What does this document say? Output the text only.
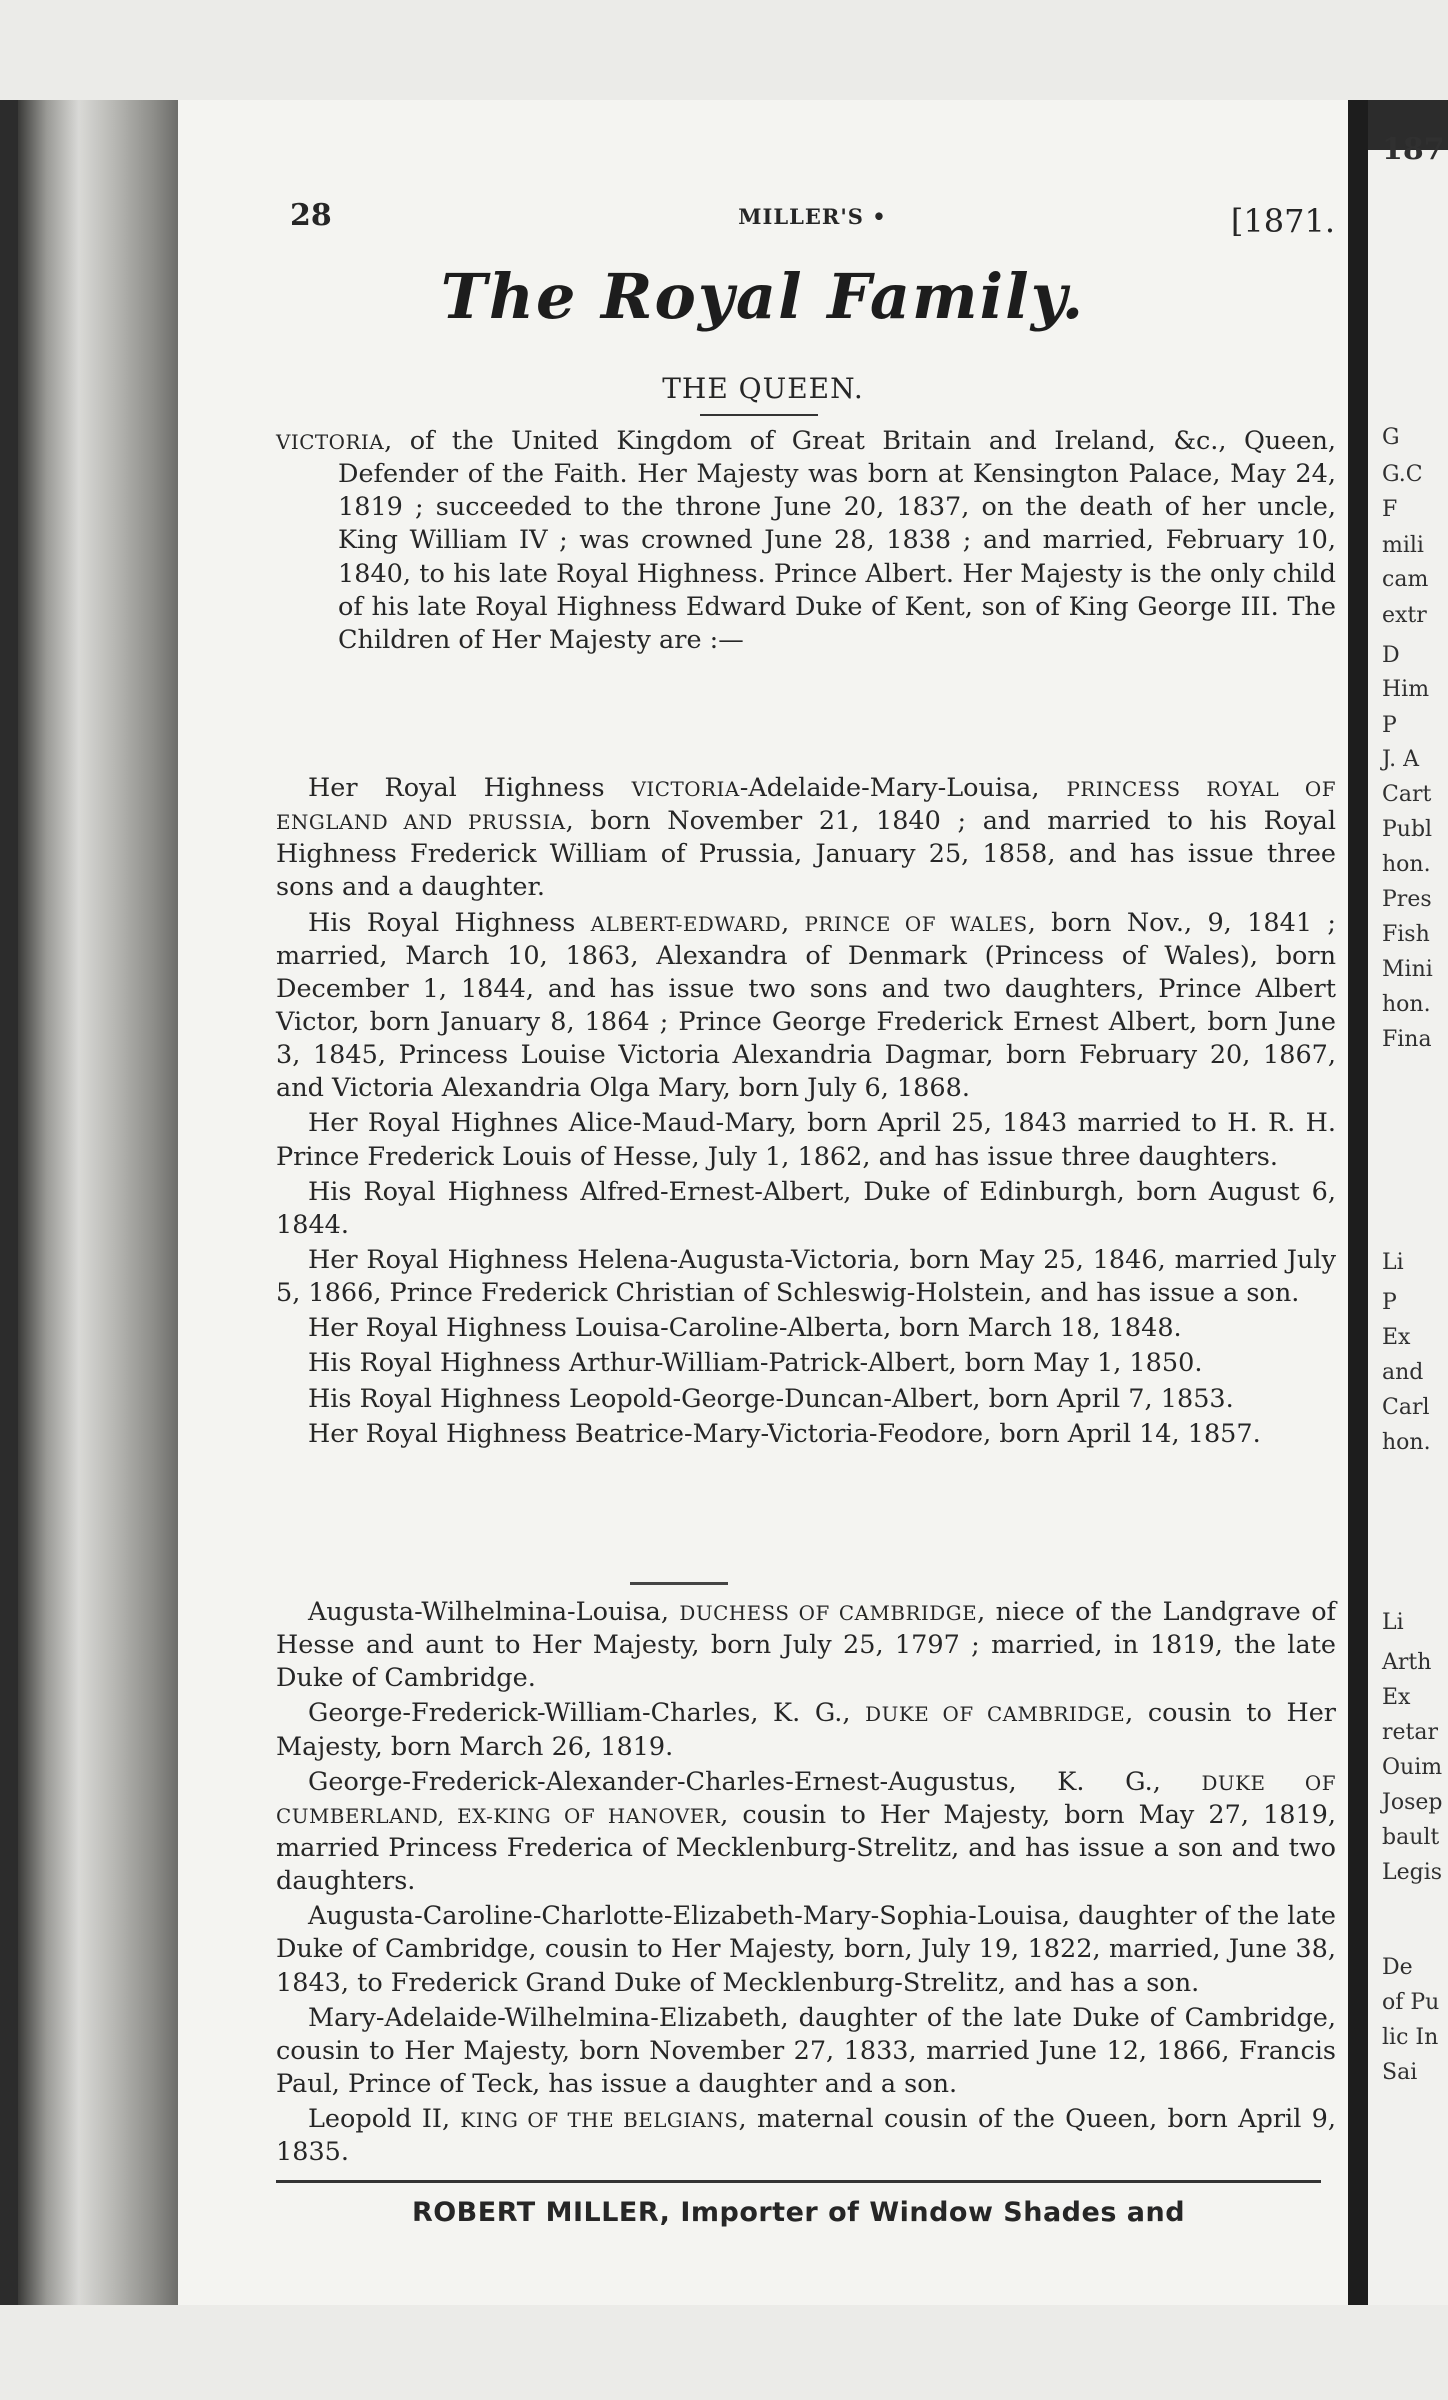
28	MILLER'S •	[1871.
The Royal Family.
THE QUEEN.

VICTORIA, of the United Kingdom of Great Britain and Ireland, &c., Queen, Defender of the Faith. Her Majesty was born at Kensington Palace, May 24, 1819 ; succeeded to the throne June 20, 1837, on the death of her uncle, King William IV ; was crowned June 28, 1838 ; and married, February 10, 1840, to his late Royal Highness. Prince Albert. Her Majesty is the only child of his late Royal Highness Edward Duke of Kent, son of King George III. The Children of Her Majesty are :—

Her Royal Highness VICTORIA-Adelaide-Mary-Louisa, PRINCESS ROYAL OF ENGLAND AND PRUSSIA, born November 21, 1840 ; and married to his Royal Highness Frederick William of Prussia, January 25, 1858, and has issue three sons and a daughter.

His Royal Highness ALBERT-EDWARD, PRINCE OF WALES, born Nov., 9, 1841 ; married, March 10, 1863, Alexandra of Denmark (Princess of Wales), born December 1, 1844, and has issue two sons and two daughters, Prince Albert Victor, born January 8, 1864 ; Prince George Frederick Ernest Albert, born June 3, 1845, Princess Louise Victoria Alexandria Dagmar, born February 20, 1867, and Victoria Alexandria Olga Mary, born July 6, 1868.

Her Royal Highnes Alice-Maud-Mary, born April 25, 1843 married to H. R. H. Prince Frederick Louis of Hesse, July 1, 1862, and has issue three daughters.

His Royal Highness Alfred-Ernest-Albert, Duke of Edinburgh, born August 6, 1844.

Her Royal Highness Helena-Augusta-Victoria, born May 25, 1846, married July 5, 1866, Prince Frederick Christian of Schleswig-Holstein, and has issue a son.

Her Royal Highness Louisa-Caroline-Alberta, born March 18, 1848.

His Royal Highness Arthur-William-Patrick-Albert, born May 1, 1850.

His Royal Highness Leopold-George-Duncan-Albert, born April 7, 1853.

Her Royal Highness Beatrice-Mary-Victoria-Feodore, born April 14, 1857.

Augusta-Wilhelmina-Louisa, DUCHESS OF CAMBRIDGE, niece of the Landgrave of Hesse and aunt to Her Majesty, born July 25, 1797 ; married, in 1819, the late Duke of Cambridge.

George-Frederick-William-Charles, K. G., DUKE OF CAMBRIDGE, cousin to Her Majesty, born March 26, 1819.

George-Frederick-Alexander-Charles-Ernest-Augustus, K. G., DUKE OF CUMBERLAND, EX-KING OF HANOVER, cousin to Her Majesty, born May 27, 1819, married Princess Frederica of Mecklenburg-Strelitz, and has issue a son and two daughters.

Augusta-Caroline-Charlotte-Elizabeth-Mary-Sophia-Louisa, daughter of the late Duke of Cambridge, cousin to Her Majesty, born, July 19, 1822, married, June 38, 1843, to Frederick Grand Duke of Mecklenburg-Strelitz, and has a son.

Mary-Adelaide-Wilhelmina-Elizabeth, daughter of the late Duke of Cambridge, cousin to Her Majesty, born November 27, 1833, married June 12, 1866, Francis Paul, Prince of Teck, has issue a daughter and a son.

Leopold II, KING OF THE BELGIANS, maternal cousin of the Queen, born April 9, 1835.

ROBERT MILLER, Importer of Window Shades and
187
G
G.C
F
mili
cam
extr
D
Him
P
J. A
Cart
Publ
hon.
Pres
Fish
Mini
hon.
Fina
Li
P
Ex
and
Carl
hon.
Li
Arth
Ex
retar
Ouim
Josep
bault
Legis
De
of Pu
lic In
Sai
